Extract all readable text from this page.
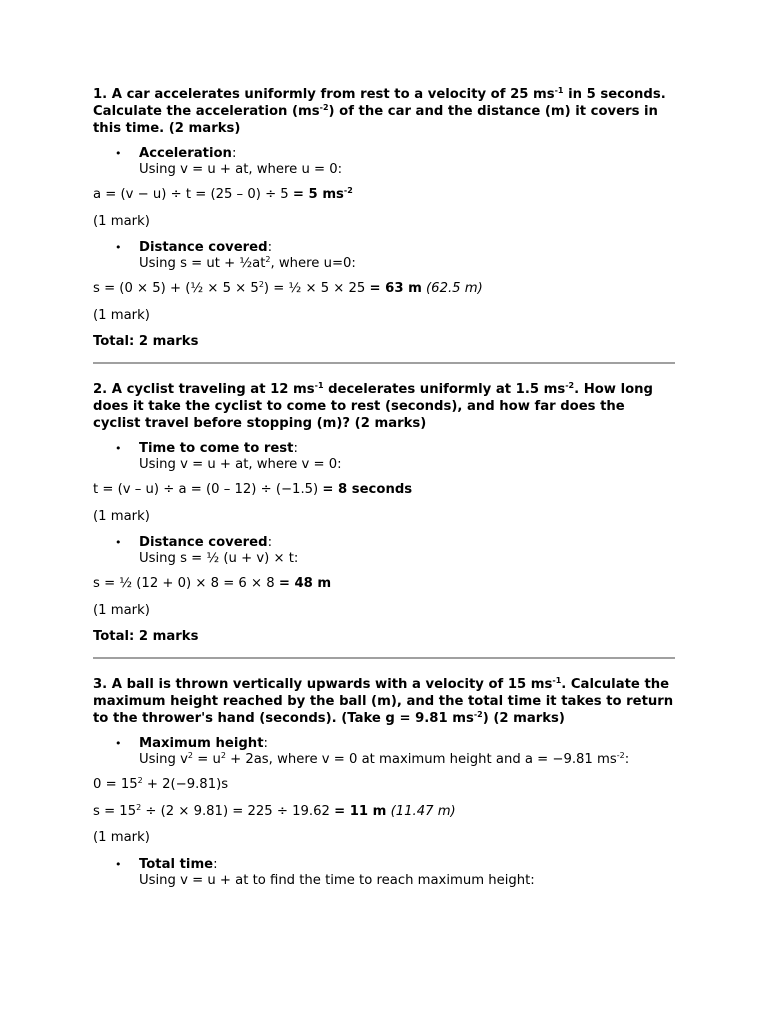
1. A car accelerates uniformly from rest to a velocity of 25 $ms^{-1}$ in 5 seconds. Calculate the acceleration $(ms^{-2})$ of the car and the distance (m) it covers in this time. (2 marks)
• Acceleration:
Using v = u + at, where u = 0:
a = (v − u) ÷ t = (25 – 0) ÷ 5 = 5 $ms^{-2}$
(1 mark)
• Distance covered:
Using s = ut + $\frac{1}{2}at^2$, where u=0:
s = (0 × 5) + (½ × $5 \times 5^2$) = ½ × 5 × 25 = 63 m (62.5 m)
(1 mark)
Total: 2 marks
2. A cyclist traveling at 12 $ms^{-1}$ decelerates uniformly at 1.5 $ms^{-2}$. How long does it take the cyclist to come to rest (seconds), and how far does the cyclist travel before stopping (m)? (2 marks)
• Time to come to rest:
Using v = u + at, where v = 0:
t = (v – u) ÷ a = (0 – 12) ÷ (−1.5) = 8 seconds
(1 mark)
• Distance covered:
Using s = ½ (u + v) × t:
s = ½ (12 + 0) × 8 = 6 × 8 = 48 m
(1 mark)
Total: 2 marks
3. A ball is thrown vertically upwards with a velocity of 15 $ms^{-1}$. Calculate the maximum height reached by the ball (m), and the total time it takes to return to the thrower's hand (seconds). (Take g = 9.81 $ms^{-2}$) (2 marks)
• Maximum height:
Using $v^2 = u^2 + 2as$, where v = 0 at maximum height and a = −9.81 $ms^{-2}$:
$0 = 15^2 + 2(-9.81)s$
$s = 15^2 \div (2 \times 9.81) = 225 \div 19.62 = 11$ m (11.47 m)
(1 mark)
• Total time:
Using v = u + at to find the time to reach maximum height:
